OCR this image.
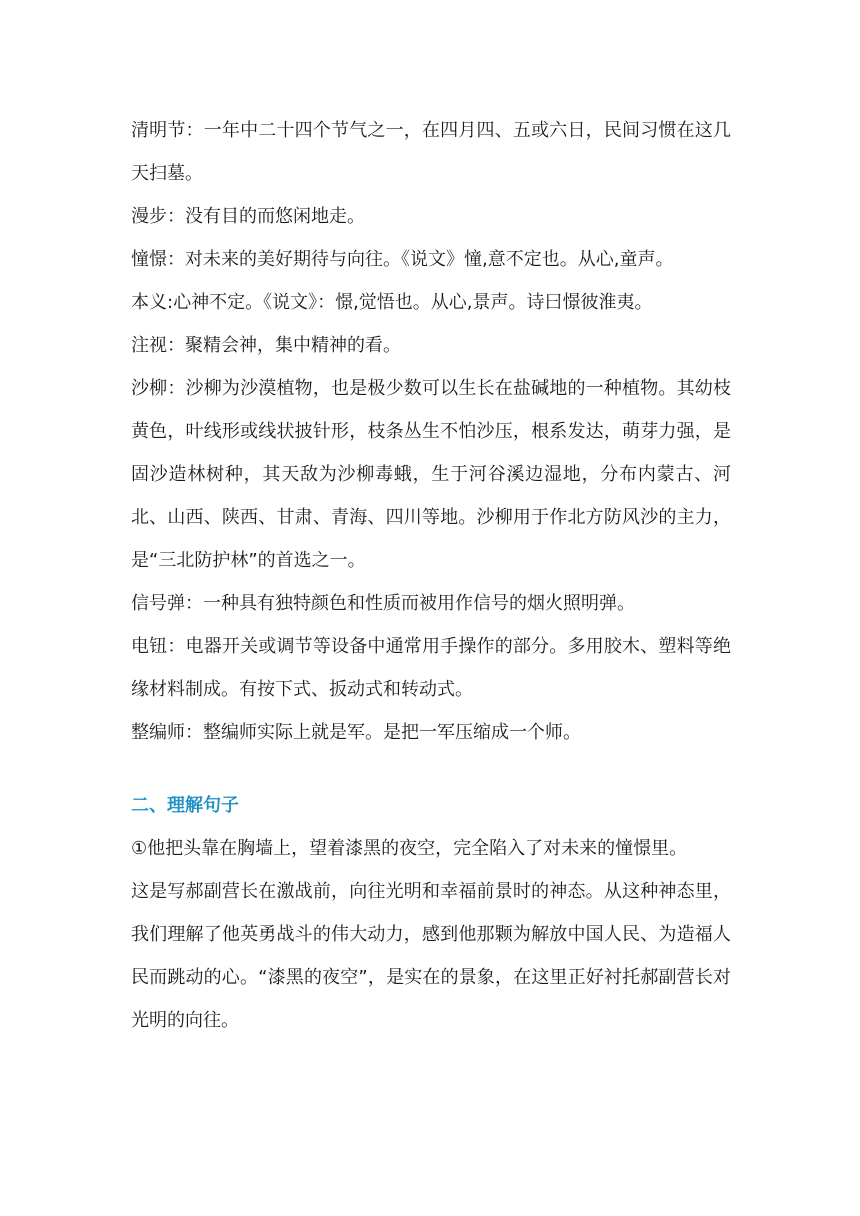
清明节：一年中二十四个节气之一，在四月四、五或六日，民间习惯在这几天扫墓。

漫步：没有目的而悠闲地走。

憧憬：对未来的美好期待与向往。《说文》憧,意不定也。从心,童声。

本义:心神不定。《说文》：憬,觉悟也。从心,景声。诗曰憬彼淮夷。

注视：聚精会神，集中精神的看。

沙柳：沙柳为沙漠植物，也是极少数可以生长在盐碱地的一种植物。其幼枝黄色，叶线形或线状披针形，枝条丛生不怕沙压，根系发达，萌芽力强，是固沙造林树种，其天敌为沙柳毒蛾，生于河谷溪边湿地，分布内蒙古、河北、山西、陕西、甘肃、青海、四川等地。沙柳用于作北方防风沙的主力，是“三北防护林”的首选之一。

信号弹：一种具有独特颜色和性质而被用作信号的烟火照明弹。

电钮：电器开关或调节等设备中通常用手操作的部分。多用胶木、塑料等绝缘材料制成。有按下式、扳动式和转动式。

整编师：整编师实际上就是军。是把一军压缩成一个师。

二、理解句子

①他把头靠在胸墙上，望着漆黑的夜空，完全陷入了对未来的憧憬里。

这是写郝副营长在激战前，向往光明和幸福前景时的神态。从这种神态里，我们理解了他英勇战斗的伟大动力，感到他那颗为解放中国人民、为造福人民而跳动的心。“漆黑的夜空”，是实在的景象，在这里正好衬托郝副营长对光明的向往。
